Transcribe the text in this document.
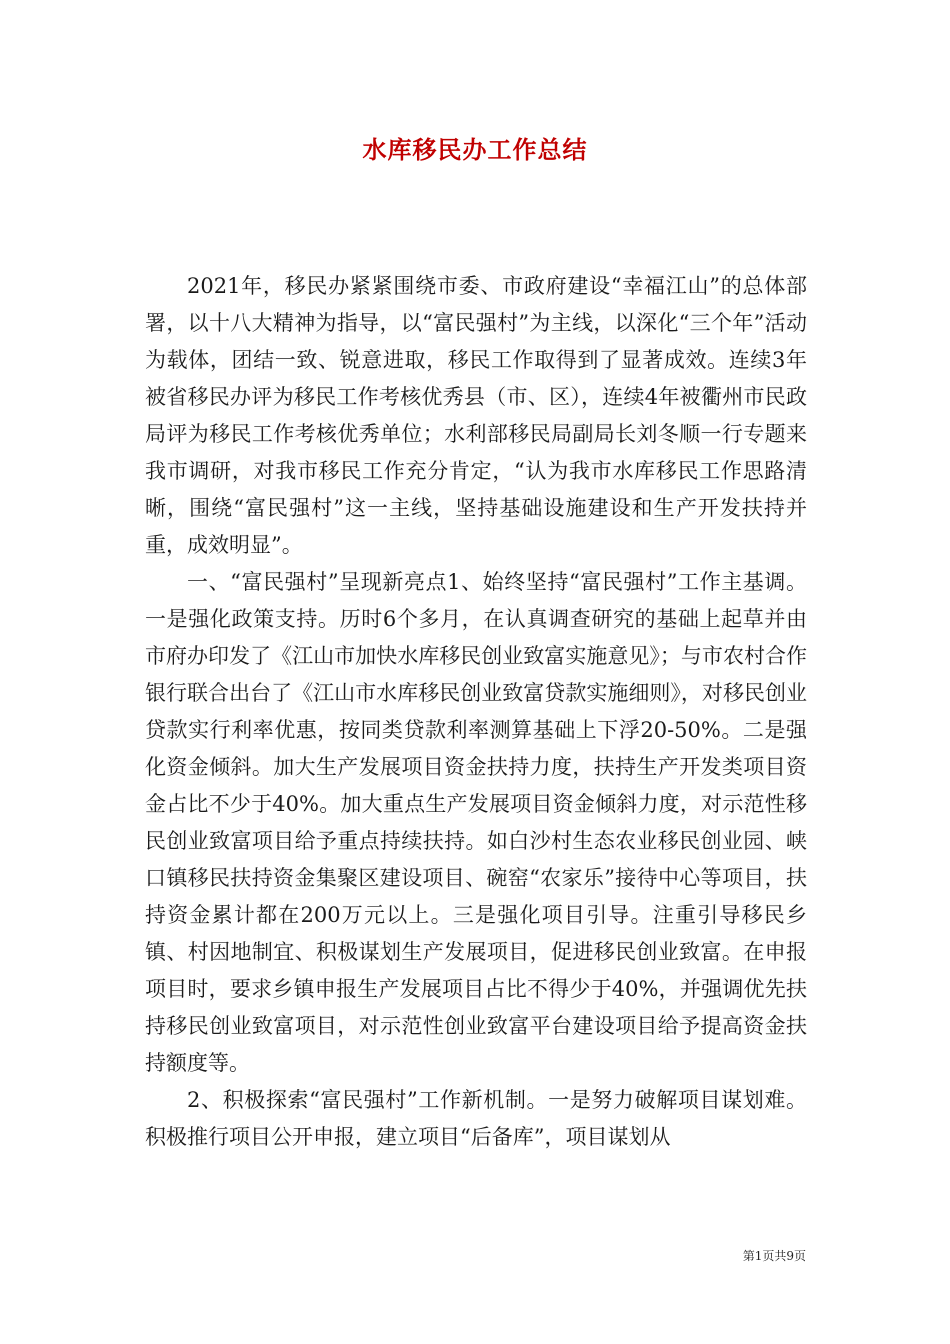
水库移民办工作总结

2021年，移民办紧紧围绕市委、市政府建设“幸福江山”的总体部署，以十八大精神为指导，以“富民强村”为主线，以深化“三个年”活动为载体，团结一致、锐意进取，移民工作取得到了显著成效。连续3年被省移民办评为移民工作考核优秀县（市、区），连续4年被衢州市民政局评为移民工作考核优秀单位；水利部移民局副局长刘冬顺一行专题来我市调研，对我市移民工作充分肯定，“认为我市水库移民工作思路清晰，围绕“富民强村”这一主线，坚持基础设施建设和生产开发扶持并重，成效明显”。

一、“富民强村”呈现新亮点1、始终坚持“富民强村”工作主基调。一是强化政策支持。历时6个多月，在认真调查研究的基础上起草并由市府办印发了《江山市加快水库移民创业致富实施意见》；与市农村合作银行联合出台了《江山市水库移民创业致富贷款实施细则》，对移民创业贷款实行利率优惠，按同类贷款利率测算基础上下浮20-50%。二是强化资金倾斜。加大生产发展项目资金扶持力度，扶持生产开发类项目资金占比不少于40%。加大重点生产发展项目资金倾斜力度，对示范性移民创业致富项目给予重点持续扶持。如白沙村生态农业移民创业园、峡口镇移民扶持资金集聚区建设项目、碗窑“农家乐”接待中心等项目，扶持资金累计都在200万元以上。三是强化项目引导。注重引导移民乡镇、村因地制宜、积极谋划生产发展项目，促进移民创业致富。在申报项目时，要求乡镇申报生产发展项目占比不得少于40%，并强调优先扶持移民创业致富项目，对示范性创业致富平台建设项目给予提高资金扶持额度等。

2、积极探索“富民强村”工作新机制。一是努力破解项目谋划难。积极推行项目公开申报，建立项目“后备库”，项目谋划从

第1页共9页
